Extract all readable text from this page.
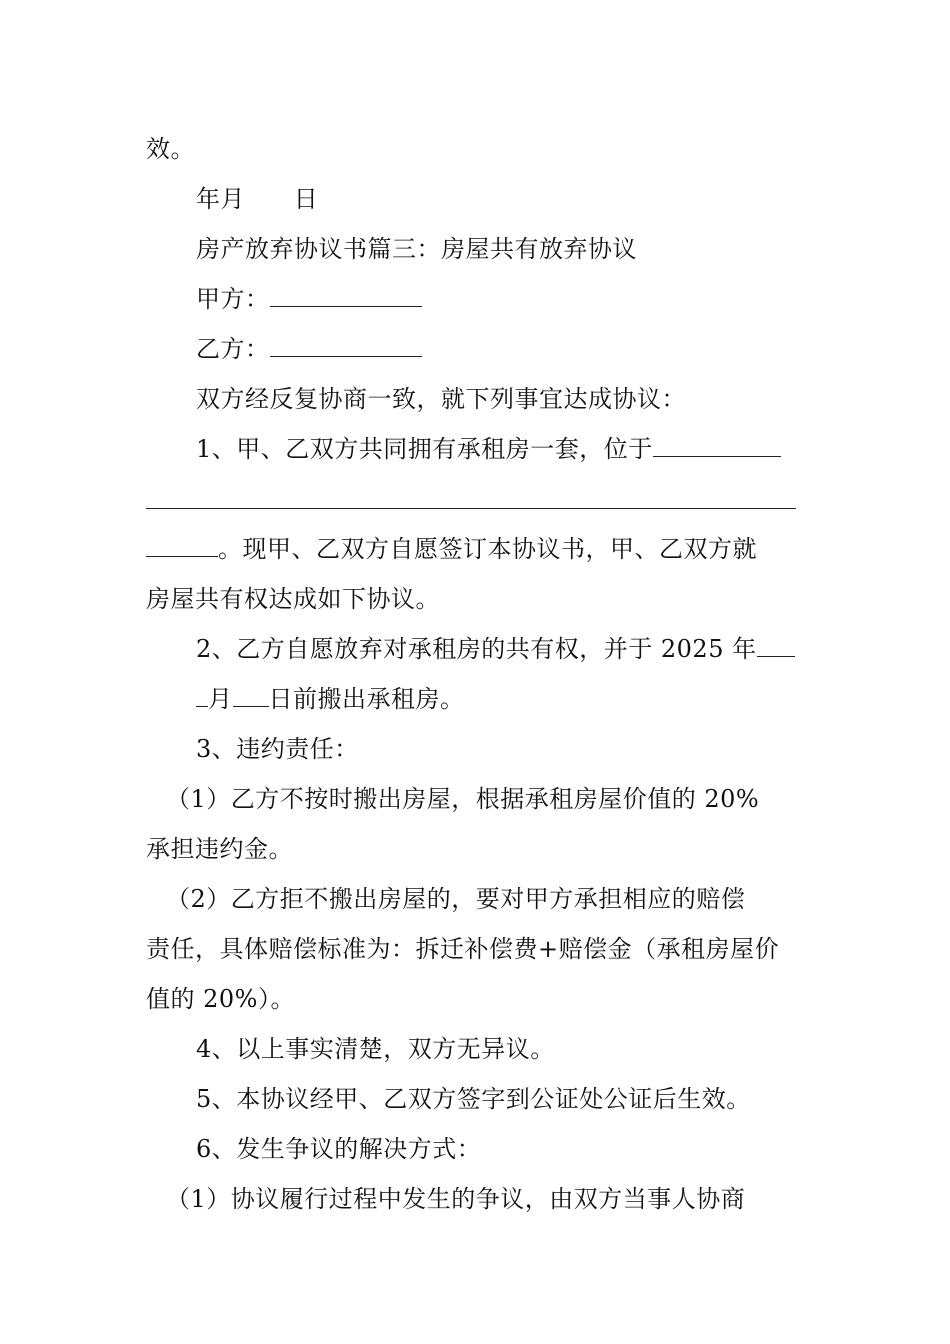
效。
年月      日
房产放弃协议书篇三：房屋共有放弃协议
甲方：
乙方：
双方经反复协商一致，就下列事宜达成协议：
1、甲、乙双方共同拥有承租房一套，位于
。现甲、乙双方自愿签订本协议书，甲、乙双方就
房屋共有权达成如下协议。
2、乙方自愿放弃对承租房的共有权，并于 2025 年
月 日前搬出承租房。
3、违约责任：
（1）乙方不按时搬出房屋，根据承租房屋价值的 20%
承担违约金。
（2）乙方拒不搬出房屋的，要对甲方承担相应的赔偿
责任，具体赔偿标准为：拆迁补偿费+赔偿金（承租房屋价
值的 20%）。
4、以上事实清楚，双方无异议。
5、本协议经甲、乙双方签字到公证处公证后生效。
6、发生争议的解决方式：
（1）协议履行过程中发生的争议，由双方当事人协商
